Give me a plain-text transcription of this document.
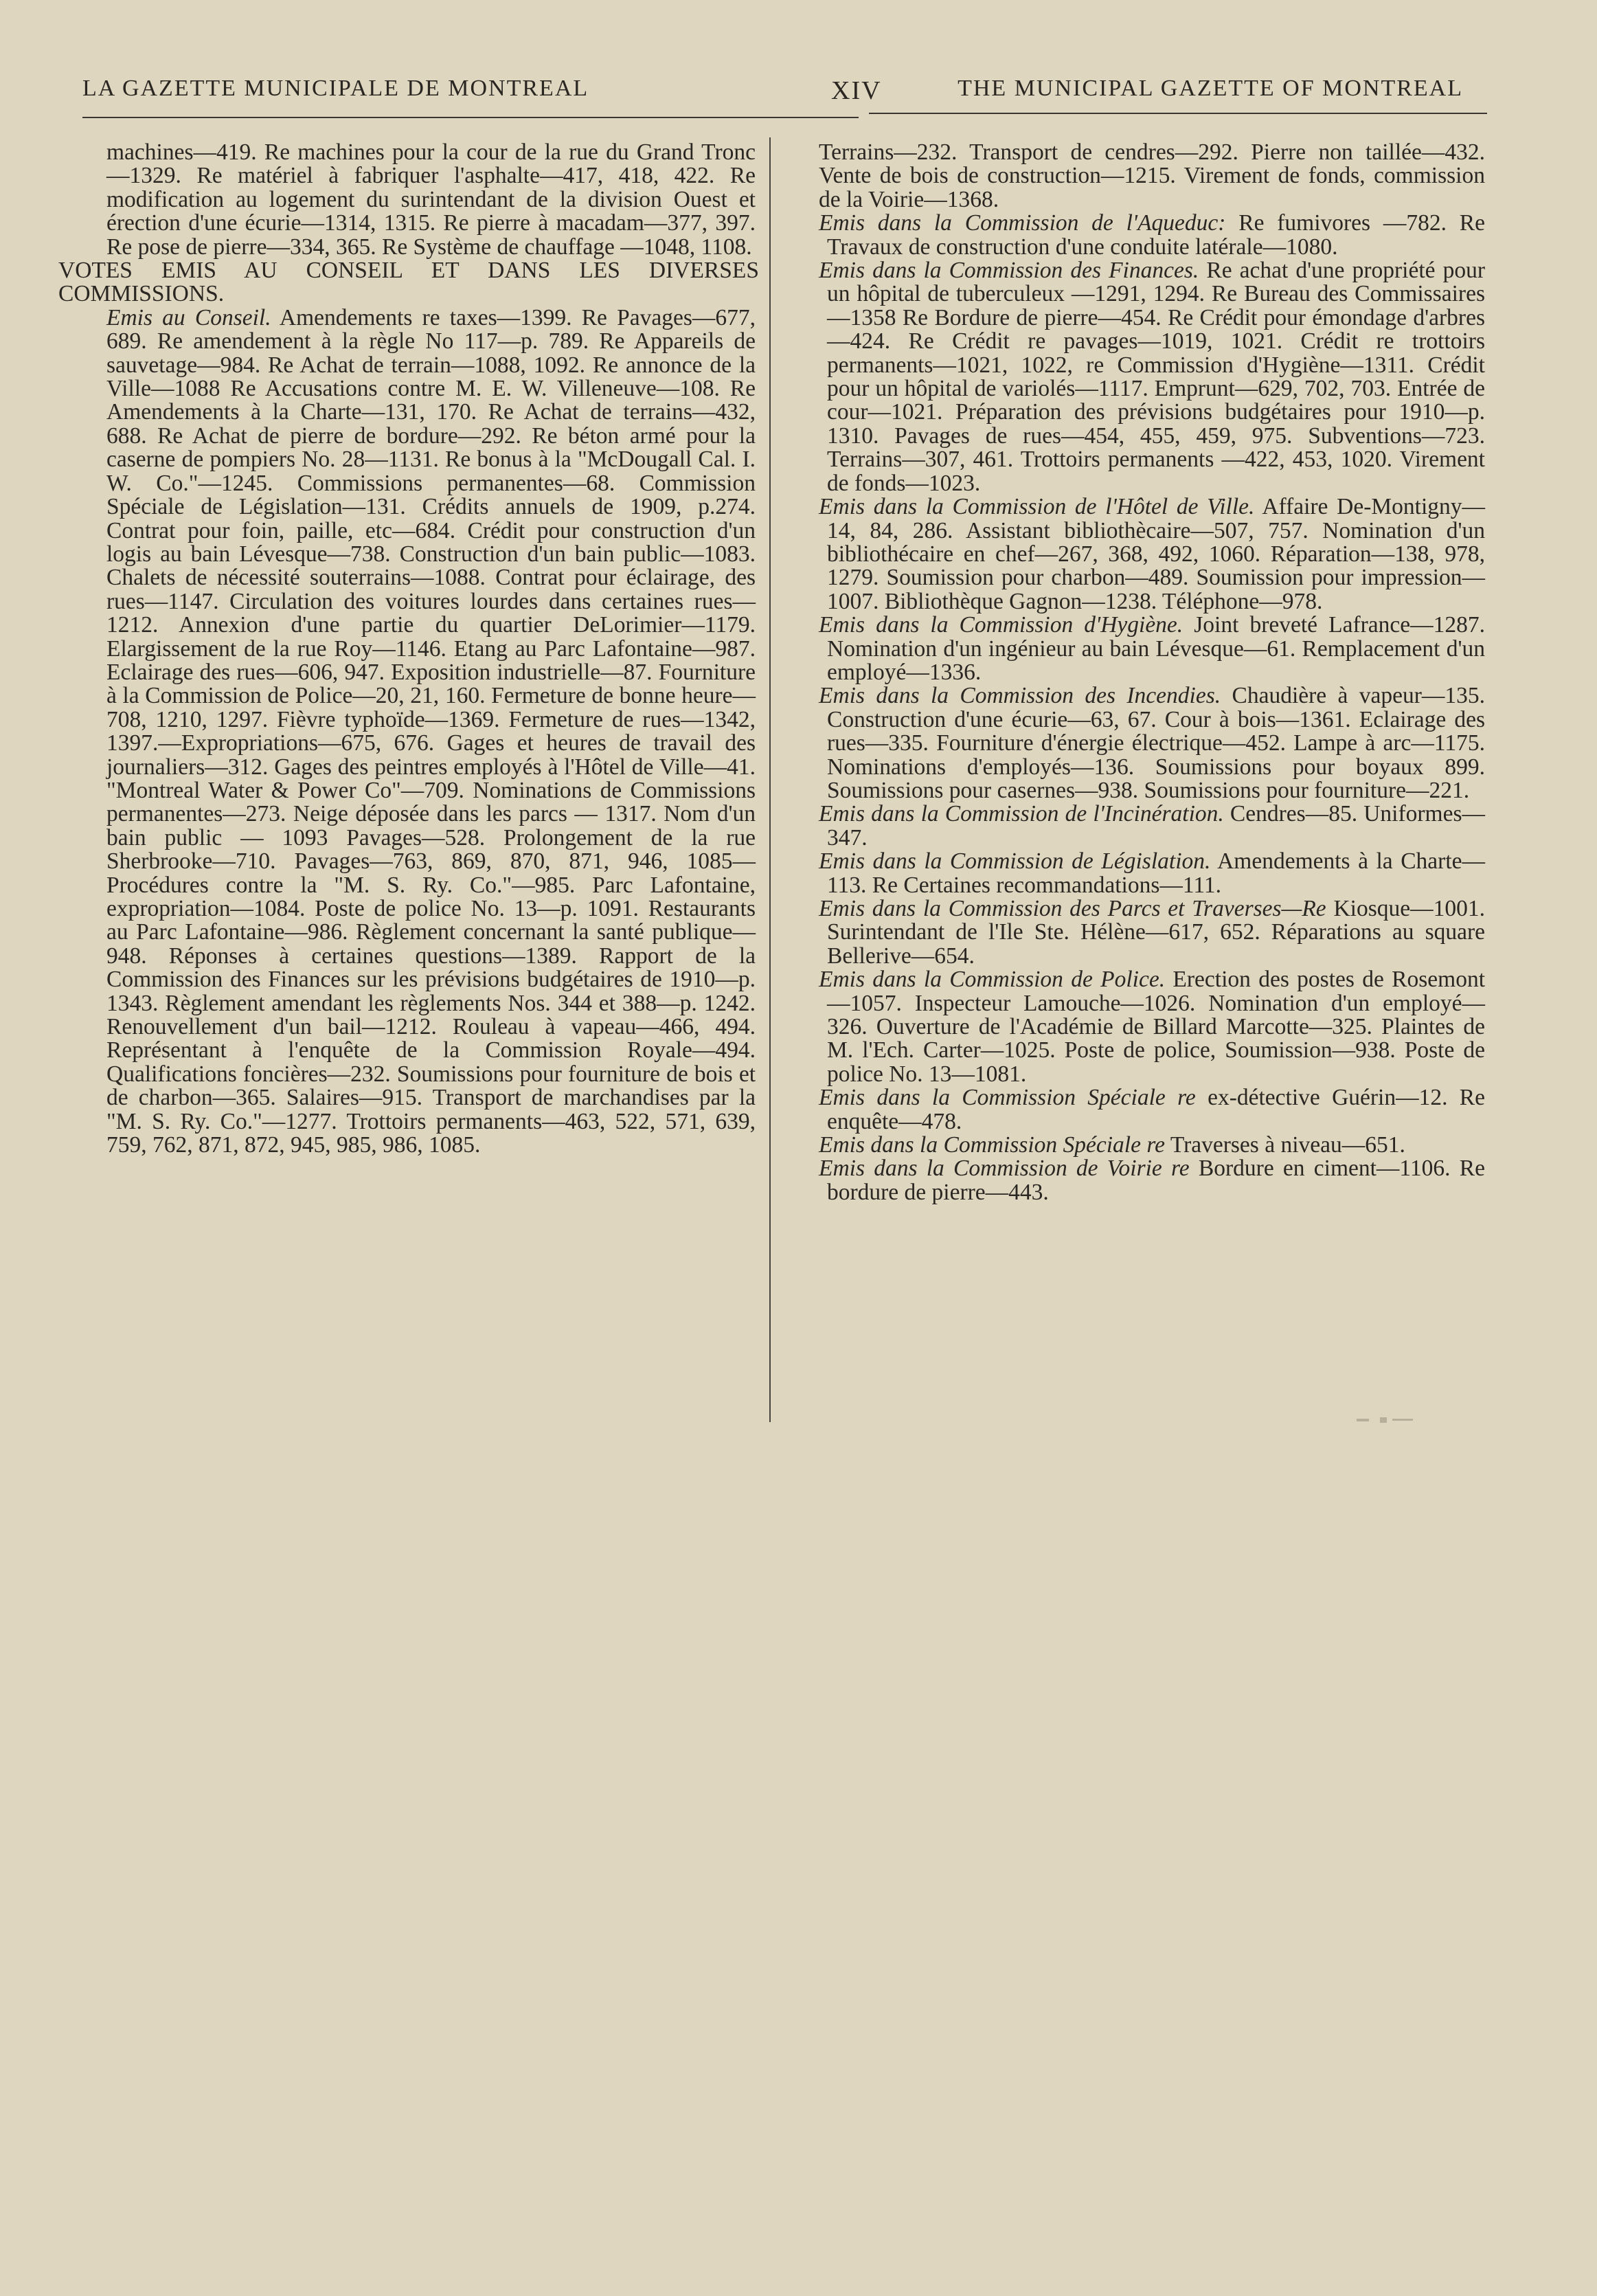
LA GAZETTE MUNICIPALE DE MONTREAL	XIV	THE MUNICIPAL GAZETTE OF MONTREAL

machines—419. Re machines pour la cour de la rue du Grand Tronc—1329. Re matériel à fabriquer l'asphalte—417, 418, 422. Re modification au logement du surintendant de la division Ouest et érection d'une écurie—1314, 1315. Re pierre à macadam—377, 397. Re pose de pierre—334, 365. Re Système de chauffage —1048, 1108.

VOTES EMIS AU CONSEIL ET DANS LES DIVERSES COMMISSIONS.

Emis au Conseil. Amendements re taxes—1399. Re Pavages—677, 689. Re amendement à la règle No 117—p. 789. Re Appareils de sauvetage—984. Re Achat de terrain—1088, 1092. Re annonce de la Ville—1088 Re Accusations contre M. E. W. Villeneuve—108. Re Amendements à la Charte—131, 170. Re Achat de terrains—432, 688. Re Achat de pierre de bordure—292. Re béton armé pour la caserne de pompiers No. 28—1131. Re bonus à la "McDougall Cal. I. W. Co."—1245. Commissions permanentes—68. Commission Spéciale de Législation—131. Crédits annuels de 1909, p.274. Contrat pour foin, paille, etc—684. Crédit pour construction d'un logis au bain Lévesque—738. Construction d'un bain public—1083. Chalets de nécessité souterrains—1088. Contrat pour éclairage, des rues—1147. Circulation des voitures lourdes dans certaines rues—1212. Annexion d'une partie du quartier DeLorimier—1179. Elargissement de la rue Roy—1146. Etang au Parc Lafontaine—987. Eclairage des rues—606, 947. Exposition industrielle—87. Fourniture à la Commission de Police—20, 21, 160. Fermeture de bonne heure—708, 1210, 1297. Fièvre typhoïde—1369. Fermeture de rues—1342, 1397.—Expropriations—675, 676. Gages et heures de travail des journaliers—312. Gages des peintres employés à l'Hôtel de Ville—41. "Montreal Water & Power Co"—709. Nominations de Commissions permanentes—273. Neige déposée dans les parcs — 1317. Nom d'un bain public — 1093 Pavages—528. Prolongement de la rue Sherbrooke—710. Pavages—763, 869, 870, 871, 946, 1085—Procédures contre la "M. S. Ry. Co."—985. Parc Lafontaine, expropriation—1084. Poste de police No. 13—p. 1091. Restaurants au Parc Lafontaine—986. Règlement concernant la santé publique—948. Réponses à certaines questions—1389. Rapport de la Commission des Finances sur les prévisions budgétaires de 1910—p. 1343. Règlement amendant les règlements Nos. 344 et 388—p. 1242. Renouvellement d'un bail—1212. Rouleau à vapeau—466, 494. Représentant à l'enquête de la Commission Royale—494. Qualifications foncières—232. Soumissions pour fourniture de bois et de charbon—365. Salaires—915. Transport de marchandises par la "M. S. Ry. Co."—1277. Trottoirs permanents—463, 522, 571, 639, 759, 762, 871, 872, 945, 985, 986, 1085.

Terrains—232. Transport de cendres—292. Pierre non taillée—432. Vente de bois de construction—1215. Virement de fonds, commission de la Voirie—1368.

Emis dans la Commission de l'Aqueduc: Re fumivores —782. Re Travaux de construction d'une conduite latérale—1080.

Emis dans la Commission des Finances. Re achat d'une propriété pour un hôpital de tuberculeux —1291, 1294. Re Bureau des Commissaires—1358 Re Bordure de pierre—454. Re Crédit pour émondage d'arbres—424. Re Crédit re pavages—1019, 1021. Crédit re trottoirs permanents—1021, 1022, re Commission d'Hygiène—1311. Crédit pour un hôpital de variolés—1117. Emprunt—629, 702, 703. Entrée de cour—1021. Préparation des prévisions budgétaires pour 1910—p. 1310. Pavages de rues—454, 455, 459, 975. Subventions—723. Terrains—307, 461. Trottoirs permanents —422, 453, 1020. Virement de fonds—1023.

Emis dans la Commission de l'Hôtel de Ville. Affaire De-Montigny—14, 84, 286. Assistant bibliothècaire—507, 757. Nomination d'un bibliothécaire en chef—267, 368, 492, 1060. Réparation—138, 978, 1279. Soumission pour charbon—489. Soumission pour impression—1007. Bibliothèque Gagnon—1238. Téléphone—978.

Emis dans la Commission d'Hygiène. Joint breveté Lafrance—1287. Nomination d'un ingénieur au bain Lévesque—61. Remplacement d'un employé—1336.

Emis dans la Commission des Incendies. Chaudière à vapeur—135. Construction d'une écurie—63, 67. Cour à bois—1361. Eclairage des rues—335. Fourniture d'énergie électrique—452. Lampe à arc—1175. Nominations d'employés—136. Soumissions pour boyaux 899. Soumissions pour casernes—938. Soumissions pour fourniture—221.

Emis dans la Commission de l'Incinération. Cendres—85. Uniformes—347.

Emis dans la Commission de Législation. Amendements à la Charte—113. Re Certaines recommandations—111.

Emis dans la Commission des Parcs et Traverses—Re Kiosque—1001. Surintendant de l'Ile Ste. Hélène—617, 652. Réparations au square Bellerive—654.

Emis dans la Commission de Police. Erection des postes de Rosemont—1057. Inspecteur Lamouche—1026. Nomination d'un employé—326. Ouverture de l'Académie de Billard Marcotte—325. Plaintes de M. l'Ech. Carter—1025. Poste de police, Soumission—938. Poste de police No. 13—1081.

Emis dans la Commission Spéciale re ex-détective Guérin—12. Re enquête—478.

Emis dans la Commission Spéciale re Traverses à niveau—651.

Emis dans la Commission de Voirie re Bordure en ciment—1106. Re bordure de pierre—443.
